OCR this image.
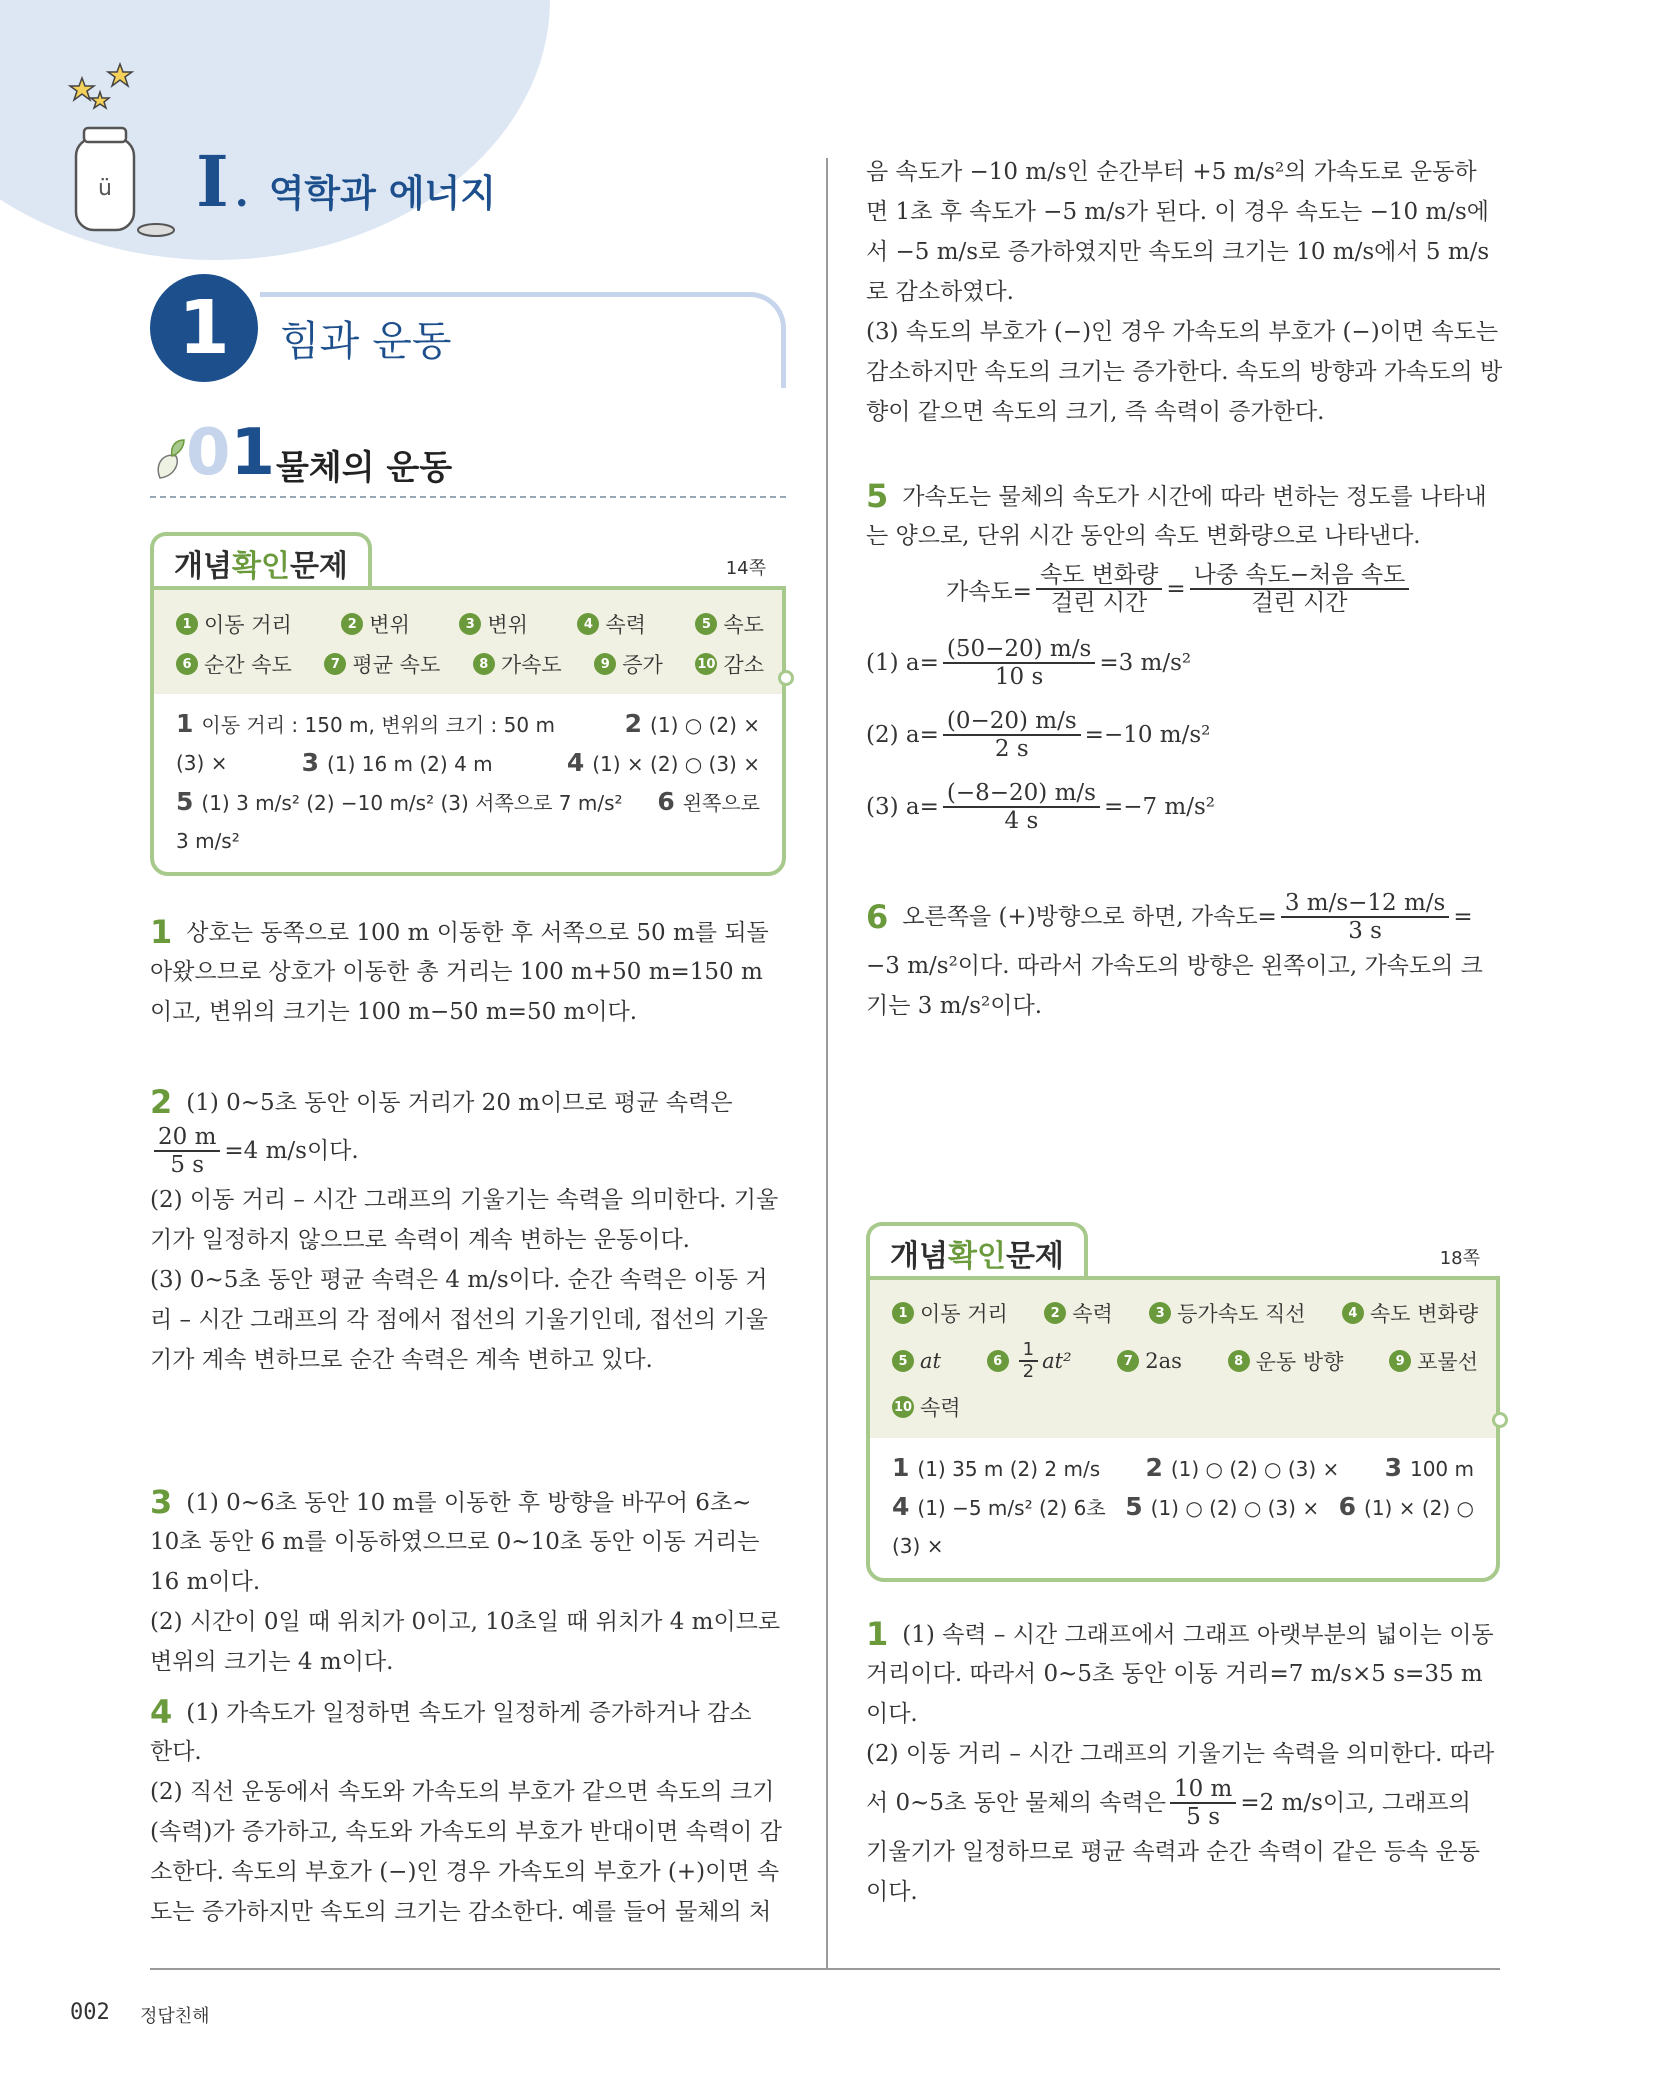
ü I . 역학과 에너지
1	힘과 운동
01 물체의 운동
개념 확인 문제	14쪽
1 이동 거리	2 변위	3 변위	4 속력	5 속도
6 순간 속도	7 평균 속도	8 가속도	9 증가	10 감소
1 이동 거리 : 150 m, 변위의 크기 : 50 m	2 (1) ○ (2) ×
(3) ×	3 (1) 16 m (2) 4 m	4 (1) × (2) ○ (3) ×
5 (1) 3 m/s² (2) −10 m/s² (3) 서쪽으로 7 m/s² 6 왼쪽으로
3 m/s²
1 상호는 동쪽으로 100 m 이동한 후 서쪽으로 50 m를 되돌
아왔으므로 상호가 이동한 총 거리는 100 m+50 m=150 m
이고, 변위의 크기는 100 m−50 m=50 m이다.
2 (1) 0~5초 동안 이동 거리가 20 m이므로 평균 속력은
$\frac{20 m}{5 s} =4$ m/s이다.
(2) 이동 거리 – 시간 그래프의 기울기는 속력을 의미한다. 기울
기가 일정하지 않으므로 속력이 계속 변하는 운동이다.
(3) 0~5초 동안 평균 속력은 4 m/s이다. 순간 속력은 이동 거
리 – 시간 그래프의 각 점에서 접선의 기울기인데, 접선의 기울
기가 계속 변하므로 순간 속력은 계속 변하고 있다.
3 (1) 0~6초 동안 10 m를 이동한 후 방향을 바꾸어 6초~
10초 동안 6 m를 이동하였으므로 0~10초 동안 이동 거리는
16 m이다.
(2) 시간이 0일 때 위치가 0이고, 10초일 때 위치가 4 m이므로
변위의 크기는 4 m이다.
4 (1) 가속도가 일정하면 속도가 일정하게 증가하거나 감소
한다.
(2) 직선 운동에서 속도와 가속도의 부호가 같으면 속도의 크기
(속력)가 증가하고, 속도와 가속도의 부호가 반대이면 속력이 감
소한다. 속도의 부호가 (−)인 경우 가속도의 부호가 (+)이면 속
도는 증가하지만 속도의 크기는 감소한다. 예를 들어 물체의 처
음 속도가 −10 m/s인 순간부터 +5 m/s²의 가속도로 운동하
면 1초 후 속도가 −5 m/s가 된다. 이 경우 속도는 −10 m/s에
서 −5 m/s로 증가하였지만 속도의 크기는 10 m/s에서 5 m/s
로 감소하였다.
(3) 속도의 부호가 (−)인 경우 가속도의 부호가 (−)이면 속도는
감소하지만 속도의 크기는 증가한다. 속도의 방향과 가속도의 방
향이 같으면 속도의 크기, 즉 속력이 증가한다.
5 가속도는 물체의 속도가 시간에 따라 변하는 정도를 나타내
는 양으로, 단위 시간 동안의 속도 변화량으로 나타낸다.
가속도= $\frac{\text{속도 변화량}}{\text{걸린 시간}} = \frac{\text{나중 속도−처음 속도}}{\text{걸린 시간}}$
(1) $a= \frac{(50-20) m/s}{10 s} =3$ m/s²
(2) $a= \frac{(0-20) m/s}{2 s} =-10$ m/s²
(3) $a= \frac{(-8-20) m/s}{4 s} =-7$ m/s²
6 오른쪽을 (+)방향으로 하면, 가속도= $\frac{3 m/s-12 m/s}{3 s}$ =
−3 m/s²이다. 따라서 가속도의 방향은 왼쪽이고, 가속도의 크
기는 3 m/s²이다.
개념 확인 문제	18쪽
1 이동 거리	2 속력	3 등가속도 직선	4 속도 변화량
5 at	$6 \frac{1}{2} at^2$	7 2as	8 운동 방향	9 포물선
10 속력
1 (1) 35 m (2) 2 m/s 2 (1) ○ (2) ○ (3) × 3 100 m
4 (1) −5 m/s² (2) 6초 5 (1) ○ (2) ○ (3) × 6 (1) × (2) ○
(3) ×
1 (1) 속력 – 시간 그래프에서 그래프 아랫부분의 넓이는 이동
거리이다. 따라서 0~5초 동안 이동 거리=7 m/s×5 s=35 m
이다.
(2) 이동 거리 – 시간 그래프의 기울기는 속력을 의미한다. 따라
서 0~5초 동안 물체의 속력은 $\frac{10 m}{5 s} =2$ m/s이고, 그래프의
기울기가 일정하므로 평균 속력과 순간 속력이 같은 등속 운동
이다.
002 정답친해
